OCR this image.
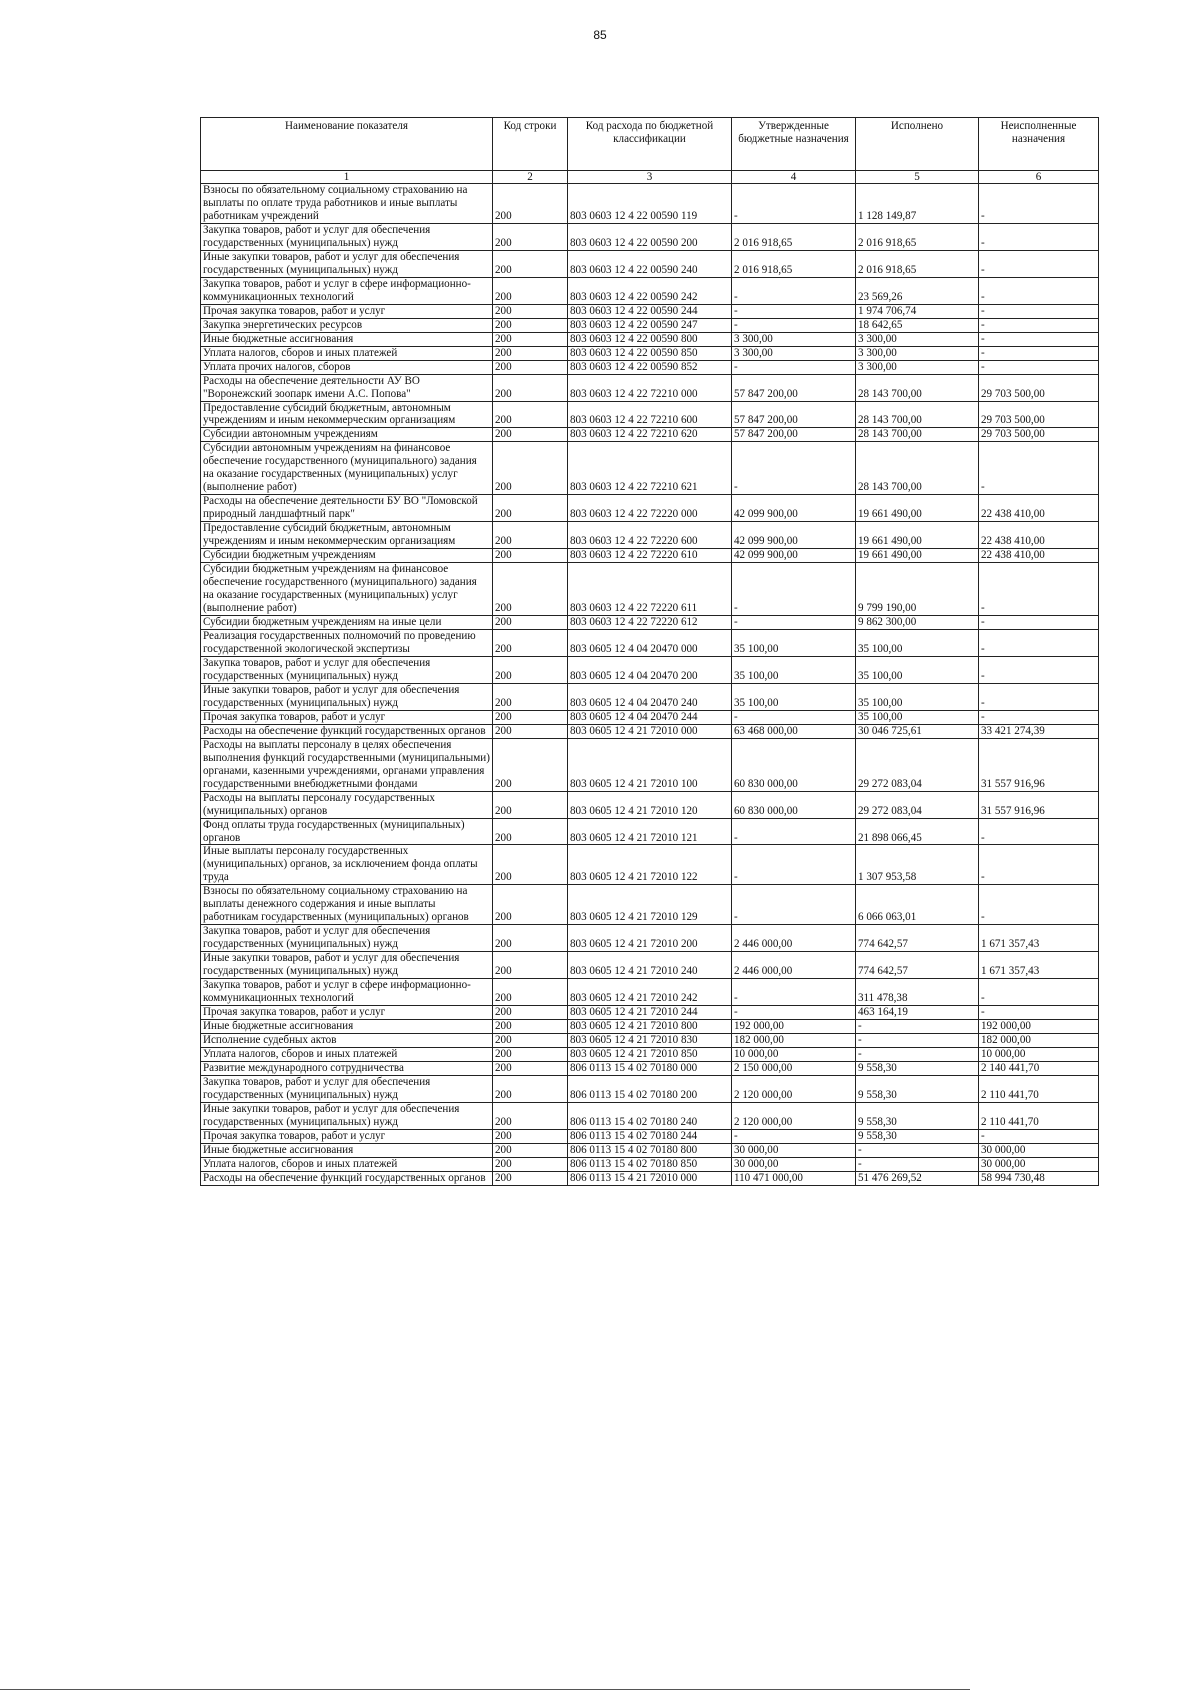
85
Наименование показателя	Код строки	Код расхода по бюджетной классификации	Утвержденные бюджетные назначения	Исполнено	Неисполненные назначения
1	2	3	4	5	6
Взносы по обязательному социальному страхованию на выплаты по оплате труда работников и иные выплаты работникам учреждений	200	803 0603 12 4 22 00590 119	-	1 128 149,87	-
Закупка товаров, работ и услуг для обеспечения государственных (муниципальных) нужд	200	803 0603 12 4 22 00590 200	2 016 918,65	2 016 918,65	-
Иные закупки товаров, работ и услуг для обеспечения государственных (муниципальных) нужд	200	803 0603 12 4 22 00590 240	2 016 918,65	2 016 918,65	-
Закупка товаров, работ и услуг в сфере информационно-коммуникационных технологий	200	803 0603 12 4 22 00590 242	-	23 569,26	-
Прочая закупка товаров, работ и услуг	200	803 0603 12 4 22 00590 244	-	1 974 706,74	-
Закупка энергетических ресурсов	200	803 0603 12 4 22 00590 247	-	18 642,65	-
Иные бюджетные ассигнования	200	803 0603 12 4 22 00590 800	3 300,00	3 300,00	-
Уплата налогов, сборов и иных платежей	200	803 0603 12 4 22 00590 850	3 300,00	3 300,00	-
Уплата прочих налогов, сборов	200	803 0603 12 4 22 00590 852	-	3 300,00	-
Расходы на обеспечение деятельности АУ ВО "Воронежский зоопарк имени А.С. Попова"	200	803 0603 12 4 22 72210 000	57 847 200,00	28 143 700,00	29 703 500,00
Предоставление субсидий бюджетным, автономным учреждениям и иным некоммерческим организациям	200	803 0603 12 4 22 72210 600	57 847 200,00	28 143 700,00	29 703 500,00
Субсидии автономным учреждениям	200	803 0603 12 4 22 72210 620	57 847 200,00	28 143 700,00	29 703 500,00
Субсидии автономным учреждениям на финансовое обеспечение государственного (муниципального) задания на оказание государственных (муниципальных) услуг (выполнение работ)	200	803 0603 12 4 22 72210 621	-	28 143 700,00	-
Расходы на обеспечение деятельности БУ ВО "Ломовской природный ландшафтный парк"	200	803 0603 12 4 22 72220 000	42 099 900,00	19 661 490,00	22 438 410,00
Предоставление субсидий бюджетным, автономным учреждениям и иным некоммерческим организациям	200	803 0603 12 4 22 72220 600	42 099 900,00	19 661 490,00	22 438 410,00
Субсидии бюджетным учреждениям	200	803 0603 12 4 22 72220 610	42 099 900,00	19 661 490,00	22 438 410,00
Субсидии бюджетным учреждениям на финансовое обеспечение государственного (муниципального) задания на оказание государственных (муниципальных) услуг (выполнение работ)	200	803 0603 12 4 22 72220 611	-	9 799 190,00	-
Субсидии бюджетным учреждениям на иные цели	200	803 0603 12 4 22 72220 612	-	9 862 300,00	-
Реализация государственных полномочий по проведению государственной экологической экспертизы	200	803 0605 12 4 04 20470 000	35 100,00	35 100,00	-
Закупка товаров, работ и услуг для обеспечения государственных (муниципальных) нужд	200	803 0605 12 4 04 20470 200	35 100,00	35 100,00	-
Иные закупки товаров, работ и услуг для обеспечения государственных (муниципальных) нужд	200	803 0605 12 4 04 20470 240	35 100,00	35 100,00	-
Прочая закупка товаров, работ и услуг	200	803 0605 12 4 04 20470 244	-	35 100,00	-
Расходы на обеспечение функций государственных органов	200	803 0605 12 4 21 72010 000	63 468 000,00	30 046 725,61	33 421 274,39
Расходы на выплаты персоналу в целях обеспечения выполнения функций государственными (муниципальными) органами, казенными учреждениями, органами управления государственными внебюджетными фондами	200	803 0605 12 4 21 72010 100	60 830 000,00	29 272 083,04	31 557 916,96
Расходы на выплаты персоналу государственных (муниципальных) органов	200	803 0605 12 4 21 72010 120	60 830 000,00	29 272 083,04	31 557 916,96
Фонд оплаты труда государственных (муниципальных) органов	200	803 0605 12 4 21 72010 121	-	21 898 066,45	-
Иные выплаты персоналу государственных (муниципальных) органов, за исключением фонда оплаты труда	200	803 0605 12 4 21 72010 122	-	1 307 953,58	-
Взносы по обязательному социальному страхованию на выплаты денежного содержания и иные выплаты работникам государственных (муниципальных) органов	200	803 0605 12 4 21 72010 129	-	6 066 063,01	-
Закупка товаров, работ и услуг для обеспечения государственных (муниципальных) нужд	200	803 0605 12 4 21 72010 200	2 446 000,00	774 642,57	1 671 357,43
Иные закупки товаров, работ и услуг для обеспечения государственных (муниципальных) нужд	200	803 0605 12 4 21 72010 240	2 446 000,00	774 642,57	1 671 357,43
Закупка товаров, работ и услуг в сфере информационно-коммуникационных технологий	200	803 0605 12 4 21 72010 242	-	311 478,38	-
Прочая закупка товаров, работ и услуг	200	803 0605 12 4 21 72010 244	-	463 164,19	-
Иные бюджетные ассигнования	200	803 0605 12 4 21 72010 800	192 000,00	-	192 000,00
Исполнение судебных актов	200	803 0605 12 4 21 72010 830	182 000,00	-	182 000,00
Уплата налогов, сборов и иных платежей	200	803 0605 12 4 21 72010 850	10 000,00	-	10 000,00
Развитие международного сотрудничества	200	806 0113 15 4 02 70180 000	2 150 000,00	9 558,30	2 140 441,70
Закупка товаров, работ и услуг для обеспечения государственных (муниципальных) нужд	200	806 0113 15 4 02 70180 200	2 120 000,00	9 558,30	2 110 441,70
Иные закупки товаров, работ и услуг для обеспечения государственных (муниципальных) нужд	200	806 0113 15 4 02 70180 240	2 120 000,00	9 558,30	2 110 441,70
Прочая закупка товаров, работ и услуг	200	806 0113 15 4 02 70180 244	-	9 558,30	-
Иные бюджетные ассигнования	200	806 0113 15 4 02 70180 800	30 000,00	-	30 000,00
Уплата налогов, сборов и иных платежей	200	806 0113 15 4 02 70180 850	30 000,00	-	30 000,00
Расходы на обеспечение функций государственных органов	200	806 0113 15 4 21 72010 000	110 471 000,00	51 476 269,52	58 994 730,48
